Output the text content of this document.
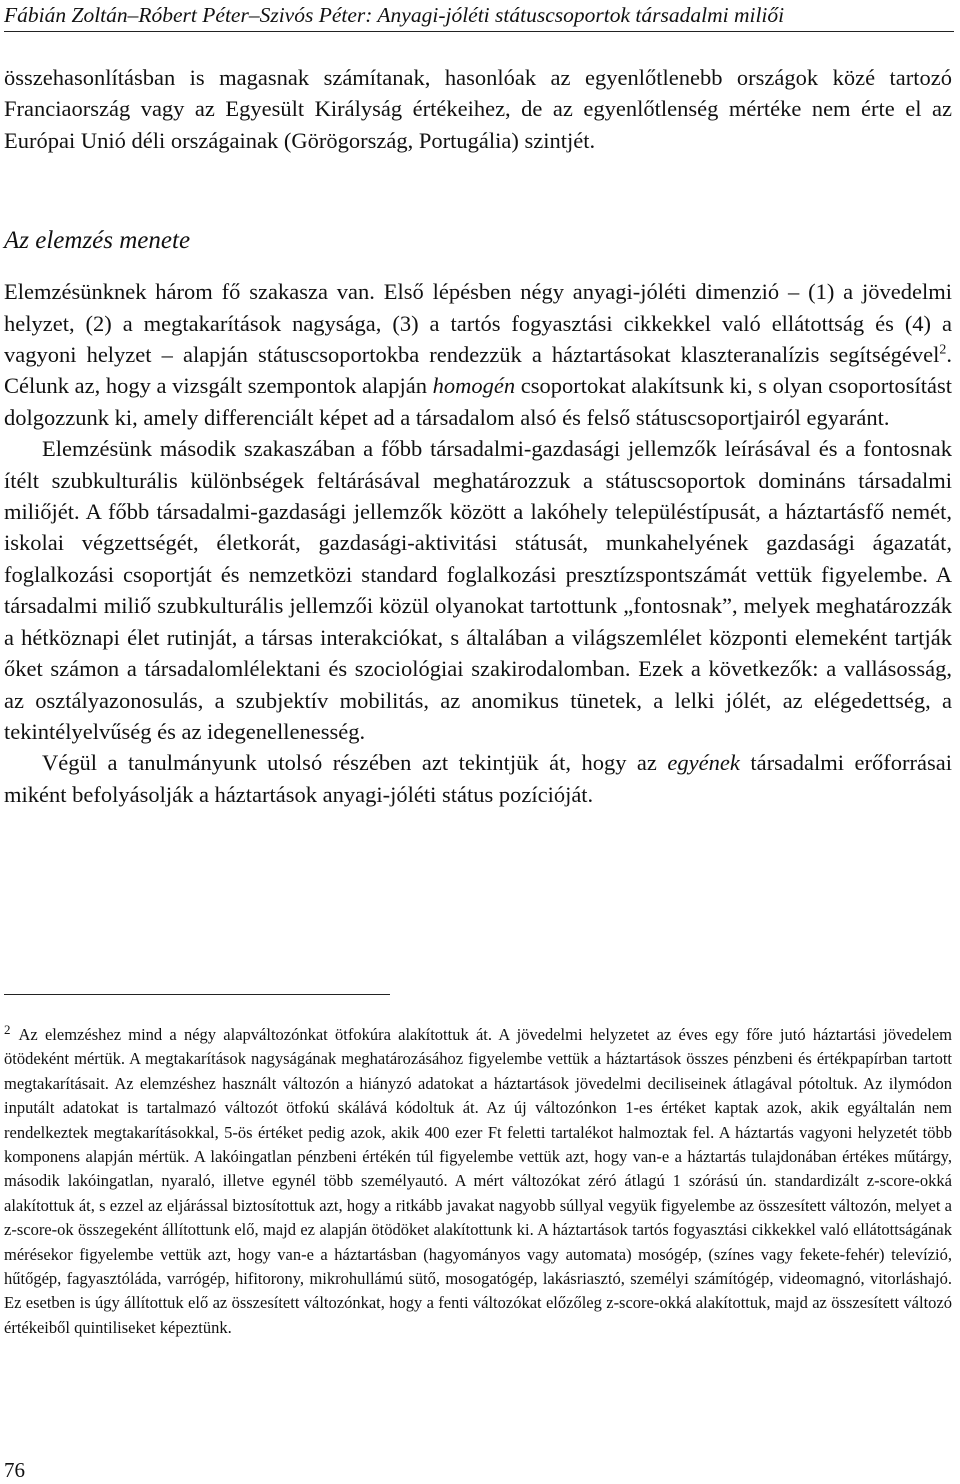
Fábián Zoltán–Róbert Péter–Szivós Péter: Anyagi-jóléti státuscsoportok társadalmi miliői

összehasonlításban is magasnak számítanak, hasonlóak az egyenlőtlenebb országok közé tartozó Franciaország vagy az Egyesült Királyság értékeihez, de az egyenlőtlenség mértéke nem érte el az Európai Unió déli országainak (Görögország, Portugália) szintjét.

Az elemzés menete

Elemzésünknek három fő szakasza van. Első lépésben négy anyagi-jóléti dimenzió – (1) a jövedelmi helyzet, (2) a megtakarítások nagysága, (3) a tartós fogyasztási cikkekkel való ellátottság és (4) a vagyoni helyzet – alapján státuscsoportokba rendezzük a háztartásokat klaszteranalízis segítségével$^2$. Célunk az, hogy a vizsgált szempontok alapján homogén csoportokat alakítsunk ki, s olyan csoportosítást dolgozzunk ki, amely differenciált képet ad a társadalom alsó és felső státuscsoportjairól egyaránt.

Elemzésünk második szakaszában a főbb társadalmi-gazdasági jellemzők leírásával és a fontosnak ítélt szubkulturális különbségek feltárásával meghatározzuk a státuscsoportok domináns társadalmi miliőjét. A főbb társadalmi-gazdasági jellemzők között a lakóhely településtípusát, a háztartásfő nemét, iskolai végzettségét, életkorát, gazdasági-aktivitási státusát, munkahelyének gazdasági ágazatát, foglalkozási csoportját és nemzetközi standard foglalkozási presztízspontszámát vettük figyelembe. A társadalmi miliő szubkulturális jellemzői közül olyanokat tartottunk „fontosnak”, melyek meghatározzák a hétköznapi élet rutinját, a társas interakciókat, s általában a világszemlélet központi elemeként tartják őket számon a társadalomlélektani és szociológiai szakirodalomban. Ezek a következők: a vallásosság, az osztályazonosulás, a szubjektív mobilitás, az anomikus tünetek, a lelki jólét, az elégedettség, a tekintélyelvűség és az idegenellenesség.

Végül a tanulmányunk utolsó részében azt tekintjük át, hogy az egyének társadalmi erőforrásai miként befolyásolják a háztartások anyagi-jóléti státus pozícióját.

$^2$ Az elemzéshez mind a négy alapváltozónkat ötfokúra alakítottuk át. A jövedelmi helyzetet az éves egy főre jutó háztartási jövedelem ötödeként mértük. A megtakarítások nagyságának meghatározásához figyelembe vettük a háztartások összes pénzbeni és értékpapírban tartott megtakarításait. Az elemzéshez használt változón a hiányzó adatokat a háztartások jövedelmi deciliseinek átlagával pótoltuk. Az ilymódon inputált adatokat is tartalmazó változót ötfokú skálává kódoltuk át. Az új változónkon 1-es értéket kaptak azok, akik egyáltalán nem rendelkeztek megtakarításokkal, 5-ös értéket pedig azok, akik 400 ezer Ft feletti tartalékot halmoztak fel. A háztartás vagyoni helyzetét több komponens alapján mértük. A lakóingatlan pénzbeni értékén túl figyelembe vettük azt, hogy van-e a háztartás tulajdonában értékes műtárgy, második lakóingatlan, nyaraló, illetve egynél több személyautó. A mért változókat zéró átlagú 1 szórású ún. standardizált z-score-okká alakítottuk át, s ezzel az eljárással biztosítottuk azt, hogy a ritkább javakat nagyobb súllyal vegyük figyelembe az összesített változón, melyet a z-score-ok összegeként állítottunk elő, majd ez alapján ötödöket alakítottunk ki. A háztartások tartós fogyasztási cikkekkel való ellátottságának mérésekor figyelembe vettük azt, hogy van-e a háztartásban (hagyományos vagy automata) mosógép, (színes vagy fekete-fehér) televízió, hűtőgép, fagyasztóláda, varrógép, hifitorony, mikrohullámú sütő, mosogatógép, lakásriasztó, személyi számítógép, videomagnó, vitorláshajó. Ez esetben is úgy állítottuk elő az összesített változónkat, hogy a fenti változókat előzőleg z-score-okká alakítottuk, majd az összesített változó értékeiből quintiliseket képeztünk.

76
